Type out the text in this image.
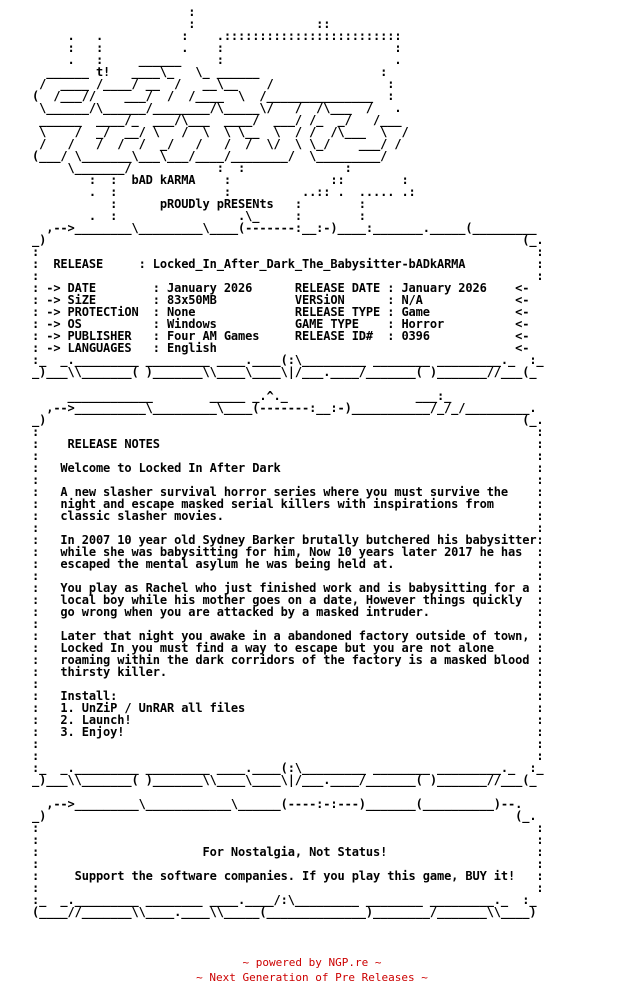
:
:                 ::
.   .           :    .:::::::::::::::::::::::::
:   :           .    :                        :
.   :     ______     :                        .
______ t!   ____\_   \_ ______                 :
/  ____ /____/ __  /   __\__    /                :
(  /___//    ___/  /  /____  \  /_______________  :
\______/\______/________/\_____\/   /  /\___  /   .
______  ____/_  ___/\___  ____/  ___/ /_  _/   /___
\    /  _/  __/ \   /  \  \ \__  \  / /  /\___  \  /
/   /   /  /  /  _/   /   /  /  \/  \ \_/    ___/ /
(___/ \_______\___\___/____/________/  \_________/
\_______/            :  :              :
:  :  bAD kARMA    :              ::        :
.  :               :          ..:: .  ..... .:
:      pROUDly pRESENts   :        :
.  :                 .\_     :        :
,-->________\_________\____(-------:__:-)____:_______._____(_________
_)                                                                   (_.
:                                                                      :
:  RELEASE     : Locked_In_After_Dark_The_Babysitter-bADkARMA          :
:                                                                      :
: -> DATE        : January 2026      RELEASE DATE : January 2026    <-
: -> SiZE        : 83x50MB           VERSiON      : N/A             <-
: -> PROTECTiON  : None              RELEASE TYPE : Game            <-
: -> OS          : Windows           GAME TYPE    : Horror          <-
: -> PUBLISHER   : Four AM Games     RELEASE ID#  : 0396            <-
: -> LANGUAGES   : English                                          <-
:_  _._________ _________ ____.____(:\_________ ________ _________._  :_
_)___\\_______( )_______\\____\____\|/___.____/_______( )_______//___(_
____________        _____ _.^._                  ___:_
,-->__________\_________\____(-------:__:-)___________/_/_/_________.
_)                                                                   (_.
:                                                                      :
:    RELEASE NOTES                                                     :
:                                                                      :
:   Welcome to Locked In After Dark                                    :
:                                                                      :
:   A new slasher survival horror series where you must survive the    :
:   night and escape masked serial killers with inspirations from      :
:   classic slasher movies.                                            :
:                                                                      :
:   In 2007 10 year old Sydney Barker brutally butchered his babysitter:
:   while she was babysitting for him, Now 10 years later 2017 he has  :
:   escaped the mental asylum he was being held at.                    :
:                                                                      :
:   You play as Rachel who just finished work and is babysitting for a :
:   local boy while his mother goes on a date, However things quickly  :
:   go wrong when you are attacked by a masked intruder.               :
:                                                                      :
:   Later that night you awake in a abandoned factory outside of town, :
:   Locked In you must find a way to escape but you are not alone      :
:   roaming within the dark corridors of the factory is a masked blood :
:   thirsty killer.                                                    :
:                                                                      :
:   Install:                                                           :
:   1. UnZiP / UnRAR all files                                         :
:   2. Launch!                                                         :
:   3. Enjoy!                                                          :
:                                                                      :
:                                                                      :
:_  _._________ _________ ____.____(:\_________ ________ _________._  :_
_)___\\_______( )_______\\____\____\|/___.____/_______( )_______//___(_
,-->_________\____________\______(----:-:---)_______(__________)--.
_)                                                                  (_.
:                                                                      :
:                                                                      :
:                       For Nostalgia, Not Status!                     :
:                                                                      :
:     Support the software companies. If you play this game, BUY it!   :
:                                                                      :
:_  _._________ ________ ____.____/:\_________ ________ _________._  :_
(____//_______\\____.____\\_____(______________)________/_______\\____)
~ powered by NGP.re ~
~ Next Generation of Pre Releases ~
